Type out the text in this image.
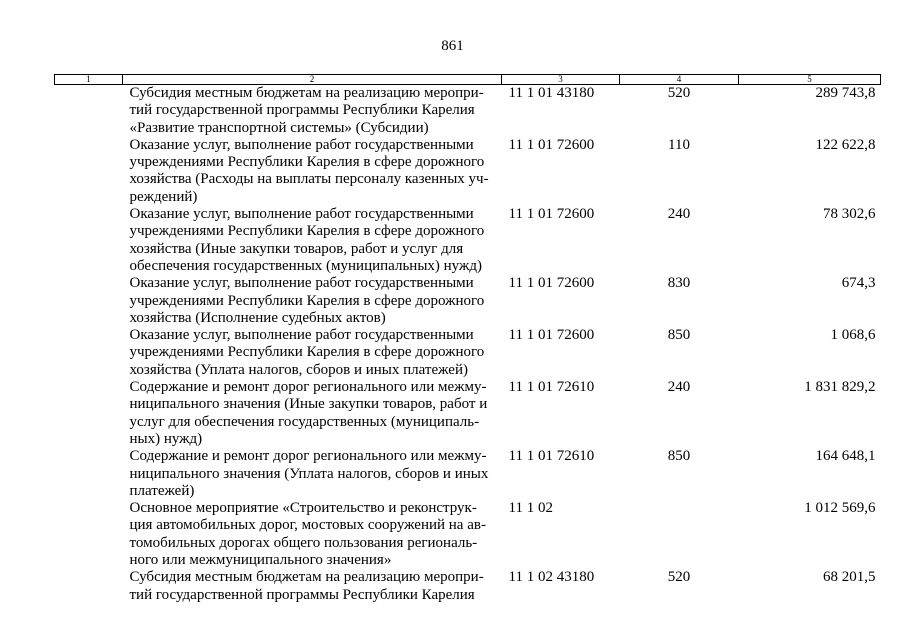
861
1	2	3	4	5

	Субсидия местным бюджетам на реализацию меропри-
тий государственной программы Республики Карелия
«Развитие транспортной системы» (Субсидии)	11 1 01 43180	520	289 743,8

	Оказание услуг, выполнение работ государственными
учреждениями Республики Карелия в сфере дорожного
хозяйства (Расходы на выплаты персоналу казенных уч-
реждений)	11 1 01 72600	110	122 622,8

	Оказание услуг, выполнение работ государственными
учреждениями Республики Карелия в сфере дорожного
хозяйства (Иные закупки товаров, работ и услуг для
обеспечения государственных (муниципальных) нужд)	11 1 01 72600	240	78 302,6

	Оказание услуг, выполнение работ государственными
учреждениями Республики Карелия в сфере дорожного
хозяйства (Исполнение судебных актов)	11 1 01 72600	830	674,3

	Оказание услуг, выполнение работ государственными
учреждениями Республики Карелия в сфере дорожного
хозяйства (Уплата налогов, сборов и иных платежей)	11 1 01 72600	850	1 068,6

	Содержание и ремонт дорог регионального или межму-
ниципального значения (Иные закупки товаров, работ и
услуг для обеспечения государственных (муниципаль-
ных) нужд)	11 1 01 72610	240	1 831 829,2

	Содержание и ремонт дорог регионального или межму-
ниципального значения (Уплата налогов, сборов и иных
платежей)	11 1 01 72610	850	164 648,1

	Основное мероприятие «Строительство и реконструк-
ция автомобильных дорог, мостовых сооружений на ав-
томобильных дорогах общего пользования региональ-
ного или межмуниципального значения»	11 1 02		1 012 569,6

	Субсидия местным бюджетам на реализацию меропри-
тий государственной программы Республики Карелия	11 1 02 43180	520	68 201,5
